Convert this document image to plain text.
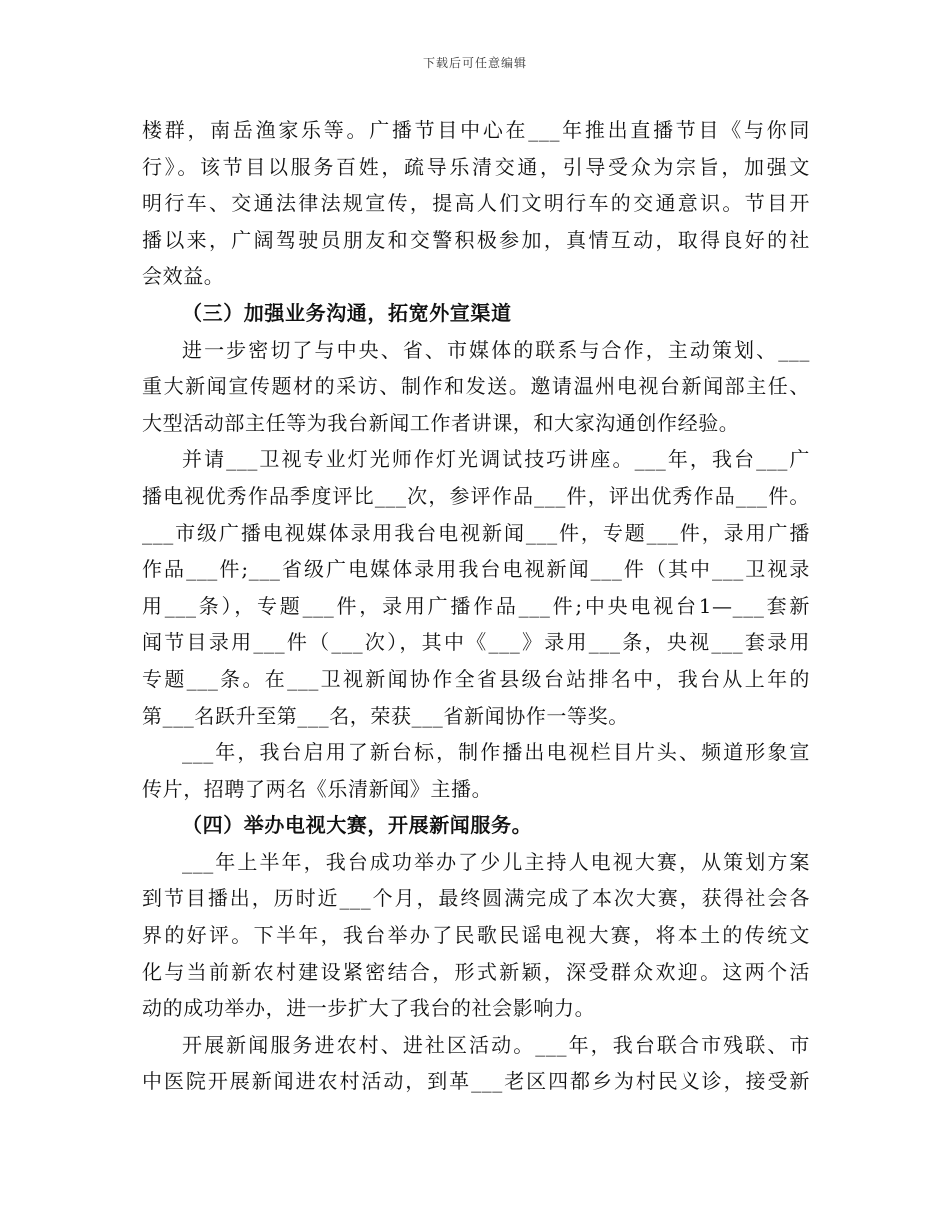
下载后可任意编辑

楼群，南岳渔家乐等。广播节目中心在___年推出直播节目《与你同

行》。该节目以服务百姓，疏导乐清交通，引导受众为宗旨，加强文

明行车、交通法律法规宣传，提高人们文明行车的交通意识。节目开

播以来，广阔驾驶员朋友和交警积极参加，真情互动，取得良好的社

会效益。

（三）加强业务沟通，拓宽外宣渠道

进一步密切了与中央、省、市媒体的联系与合作，主动策划、___

重大新闻宣传题材的采访、制作和发送。邀请温州电视台新闻部主任、

大型活动部主任等为我台新闻工作者讲课，和大家沟通创作经验。

并请___卫视专业灯光师作灯光调试技巧讲座。___年，我台___广

播电视优秀作品季度评比___次，参评作品___件，评出优秀作品___件。

___市级广播电视媒体录用我台电视新闻___件，专题___件，录用广播

作品___件;___省级广电媒体录用我台电视新闻___件（其中___卫视录

用___条），专题___件，录用广播作品___件;中央电视台1—___套新

闻节目录用___件（___次），其中《___》录用___条，央视___套录用

专题___条。在___卫视新闻协作全省县级台站排名中，我台从上年的

第___名跃升至第___名，荣获___省新闻协作一等奖。

___年，我台启用了新台标，制作播出电视栏目片头、频道形象宣

传片，招聘了两名《乐清新闻》主播。

（四）举办电视大赛，开展新闻服务。

___年上半年，我台成功举办了少儿主持人电视大赛，从策划方案

到节目播出，历时近___个月，最终圆满完成了本次大赛，获得社会各

界的好评。下半年，我台举办了民歌民谣电视大赛，将本土的传统文

化与当前新农村建设紧密结合，形式新颖，深受群众欢迎。这两个活

动的成功举办，进一步扩大了我台的社会影响力。

开展新闻服务进农村、进社区活动。___年，我台联合市残联、市

中医院开展新闻进农村活动，到革___老区四都乡为村民义诊，接受新
